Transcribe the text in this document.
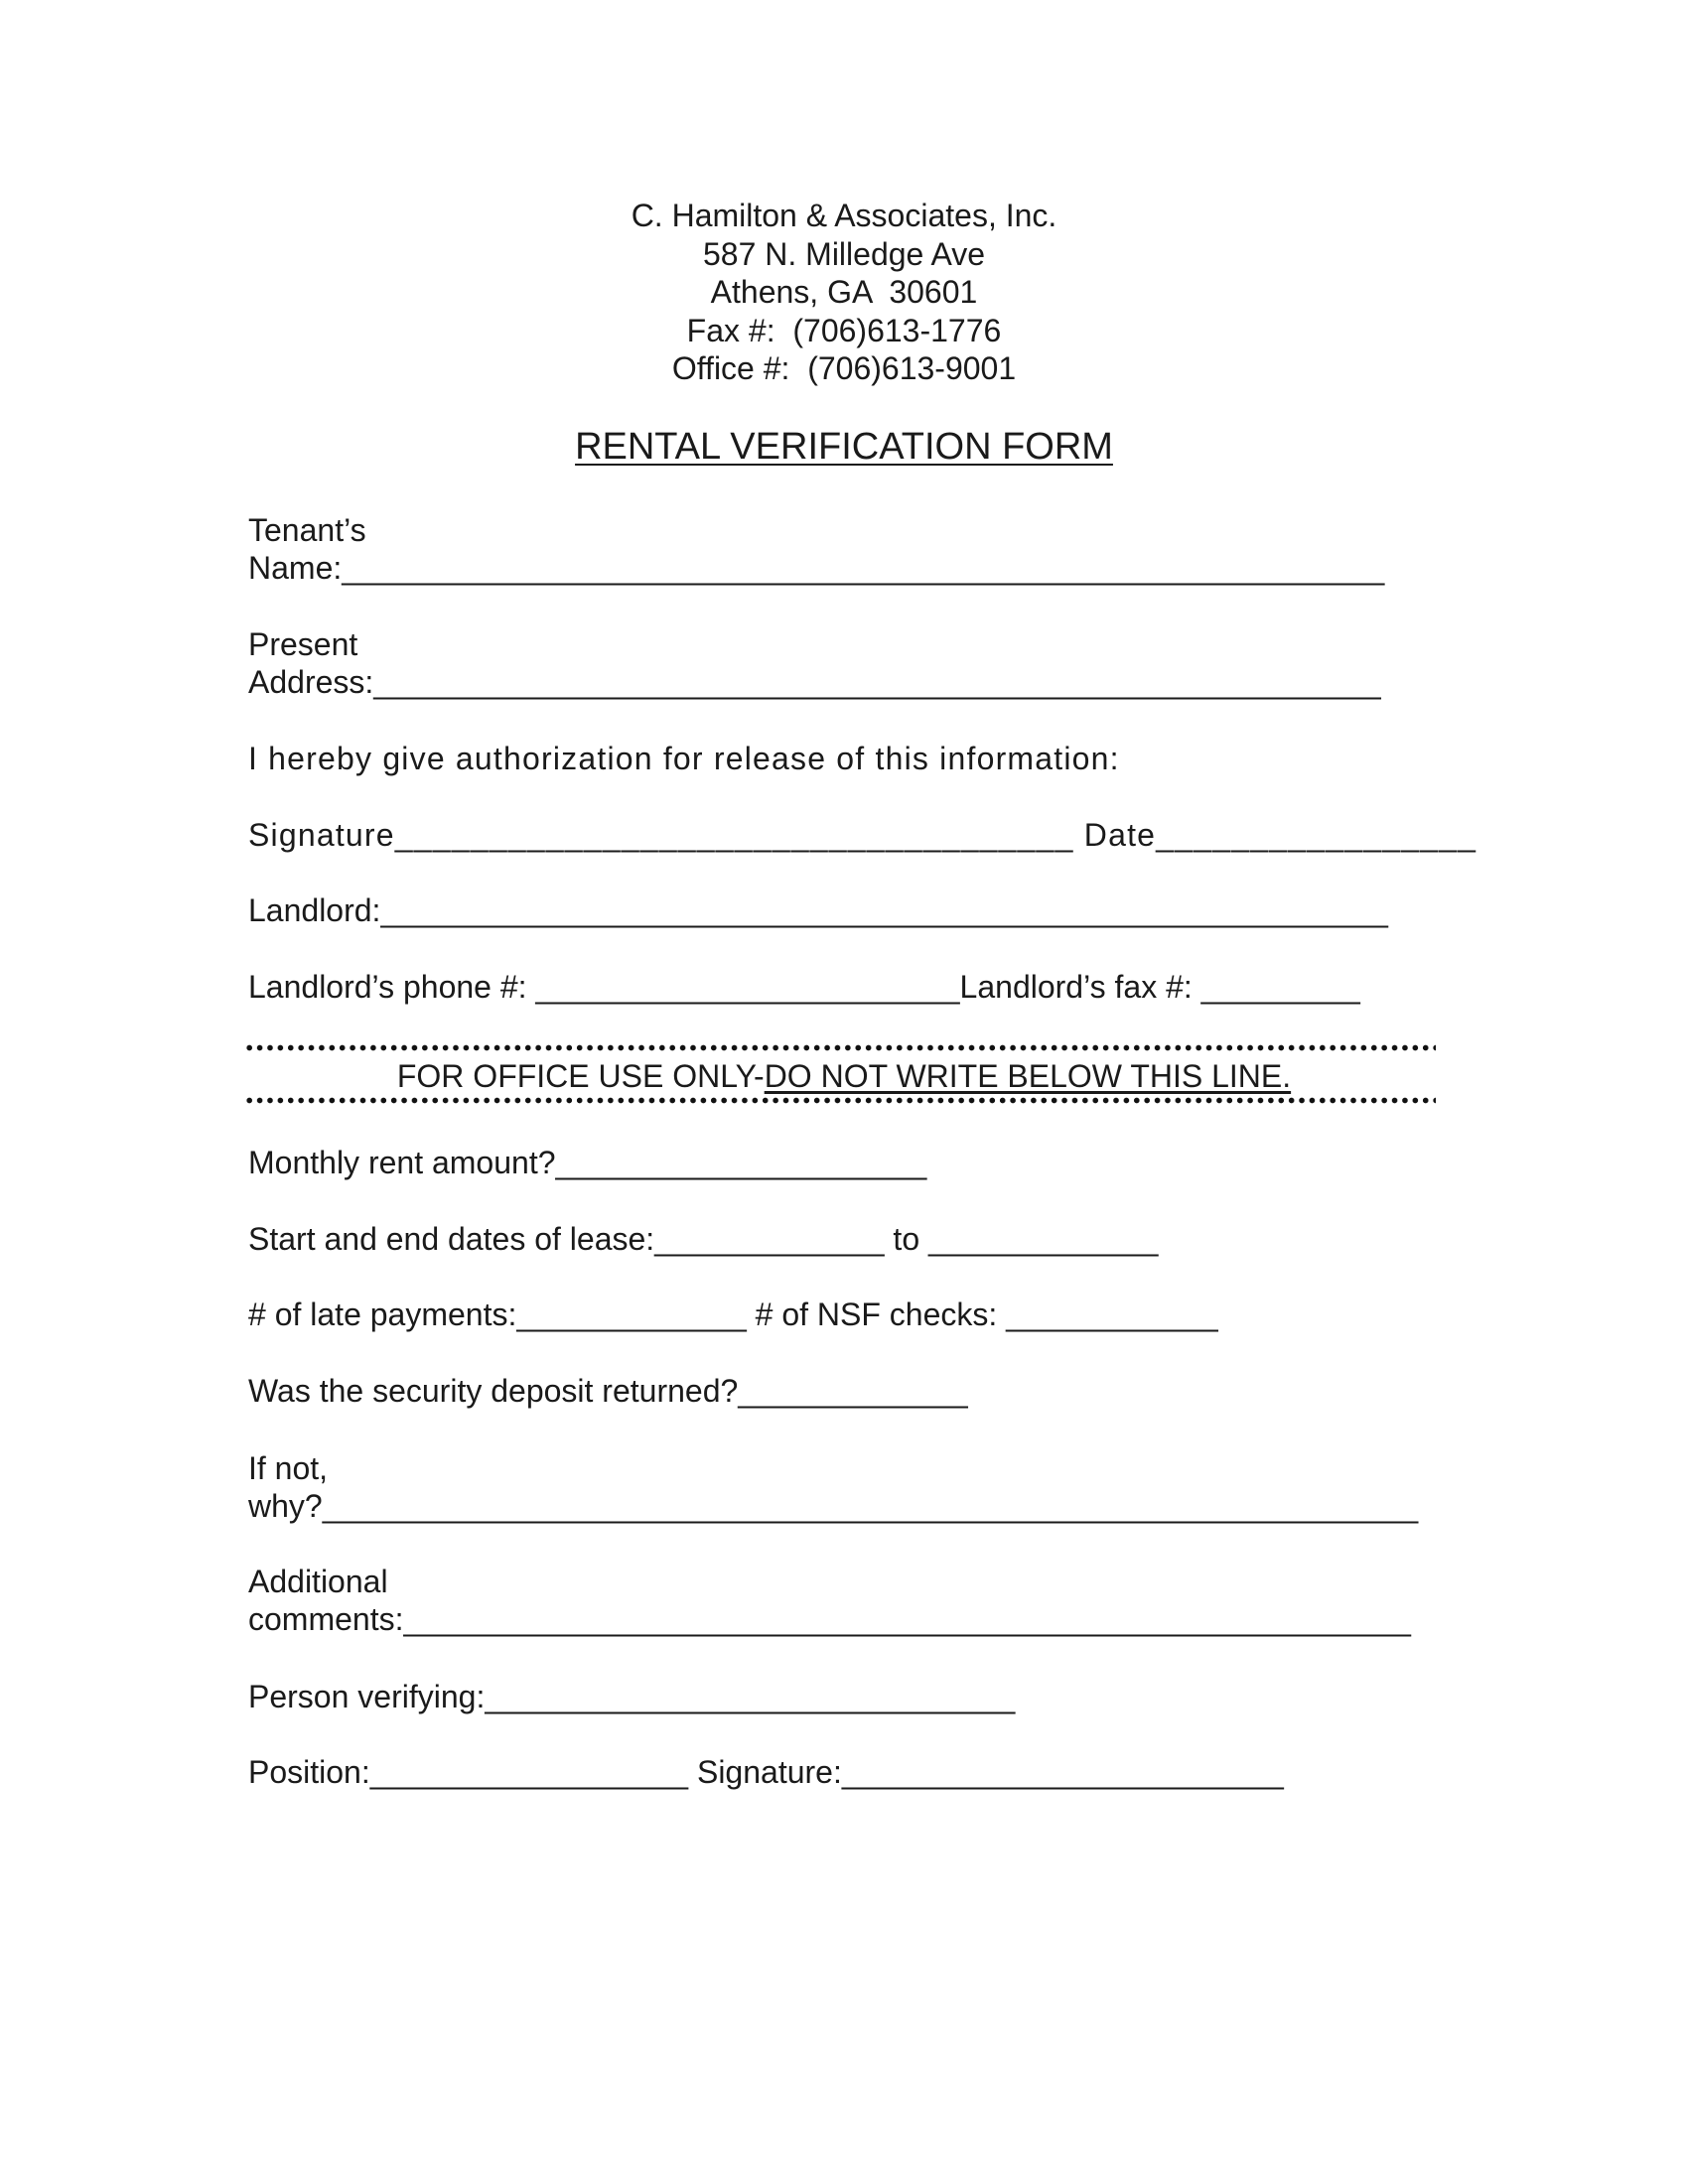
C. Hamilton & Associates, Inc.
587 N. Milledge Ave
Athens, GA  30601
Fax #:  (706)613-1776
Office #:  (706)613-9001
RENTAL VERIFICATION FORM
Tenant’s
Name:___________________________________________________________
Present
Address:_________________________________________________________
I hereby give authorization for release of this information:
Signature____________________________________ Date_________________
Landlord:_________________________________________________________
Landlord’s phone #: ________________________Landlord’s fax #: _________
FOR OFFICE USE ONLY-DO NOT WRITE BELOW THIS LINE.
Monthly rent amount?_____________________
Start and end dates of lease:_____________ to _____________
# of late payments:_____________ # of NSF checks: ____________
Was the security deposit returned?_____________
If not,
why?______________________________________________________________
Additional
comments:_________________________________________________________
Person verifying:______________________________
Position:__________________ Signature:_________________________
